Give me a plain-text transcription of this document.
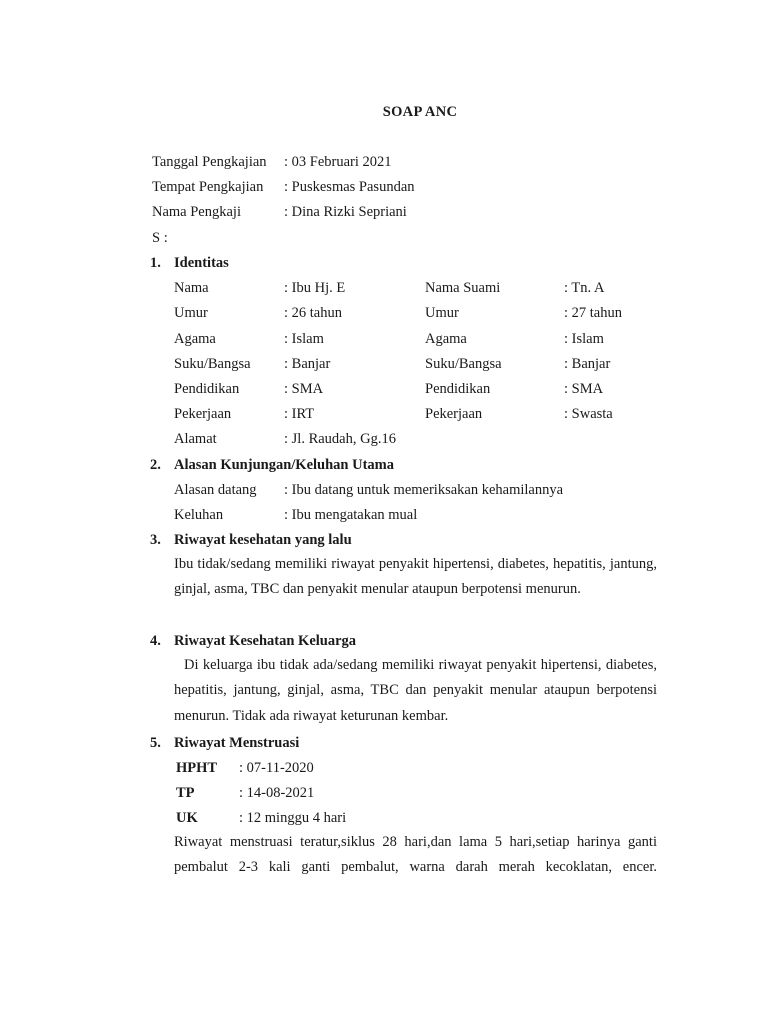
SOAP ANC
Tanggal Pengkajian : 03 Februari 2021
Tempat Pengkajian : Puskesmas Pasundan
Nama Pengkaji	: Dina Rizki Sepriani
S :
1. Identitas
Nama	: Ibu Hj. E	Nama Suami	: Tn. A
Umur	: 26 tahun	Umur	: 27 tahun
Agama	: Islam	Agama	: Islam
Suku/Bangsa : Banjar	Suku/Bangsa	: Banjar
Pendidikan	: SMA	Pendidikan	: SMA
Pekerjaan	: IRT	Pekerjaan	: Swasta
Alamat	: Jl. Raudah, Gg.16
2. Alasan Kunjungan/Keluhan Utama
Alasan datang : Ibu datang untuk memeriksakan kehamilannya
Keluhan	: Ibu mengatakan mual
3. Riwayat kesehatan yang lalu
Ibu tidak/sedang memiliki riwayat penyakit hipertensi, diabetes, hepatitis, jantung, ginjal, asma, TBC dan penyakit menular ataupun berpotensi menurun.
4. Riwayat Kesehatan Keluarga
Di keluarga ibu tidak ada/sedang memiliki riwayat penyakit hipertensi, diabetes, hepatitis, jantung, ginjal, asma, TBC dan penyakit menular ataupun berpotensi menurun. Tidak ada riwayat keturunan kembar.
5. Riwayat Menstruasi
HPHT : 07-11-2020
TP	: 14-08-2021
UK	: 12 minggu 4 hari
Riwayat menstruasi teratur,siklus 28 hari,dan lama 5 hari,setiap harinya ganti pembalut 2-3 kali ganti pembalut, warna darah merah kecoklatan, encer.
